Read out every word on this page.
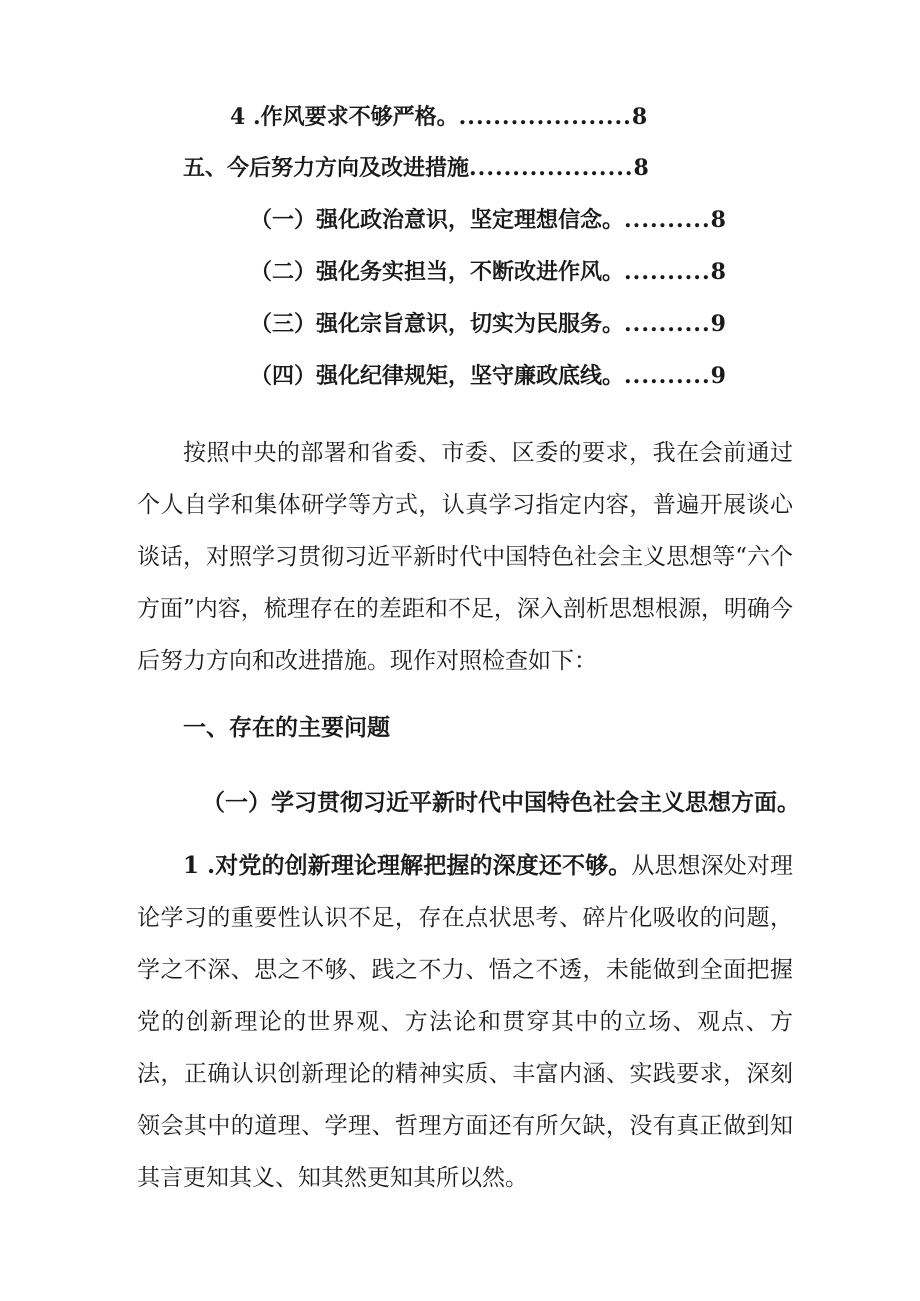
4 .作风要求不够严格。....................8
五、今后努力方向及改进措施...................8
（一）强化政治意识，坚定理想信念。..........8
（二）强化务实担当，不断改进作风。..........8
（三）强化宗旨意识，切实为民服务。..........9
（四）强化纪律规矩，坚守廉政底线。..........9

按照中央的部署和省委、市委、区委的要求，我在会前通过个人自学和集体研学等方式，认真学习指定内容，普遍开展谈心谈话，对照学习贯彻习近平新时代中国特色社会主义思想等“六个方面”内容，梳理存在的差距和不足，深入剖析思想根源，明确今后努力方向和改进措施。现作对照检查如下：

一、存在的主要问题
（一）学习贯彻习近平新时代中国特色社会主义思想方面。

1 .对党的创新理论理解把握的深度还不够。从思想深处对理论学习的重要性认识不足，存在点状思考、碎片化吸收的问题，学之不深、思之不够、践之不力、悟之不透，未能做到全面把握党的创新理论的世界观、方法论和贯穿其中的立场、观点、方法，正确认识创新理论的精神实质、丰富内涵、实践要求，深刻领会其中的道理、学理、哲理方面还有所欠缺，没有真正做到知其言更知其义、知其然更知其所以然。
